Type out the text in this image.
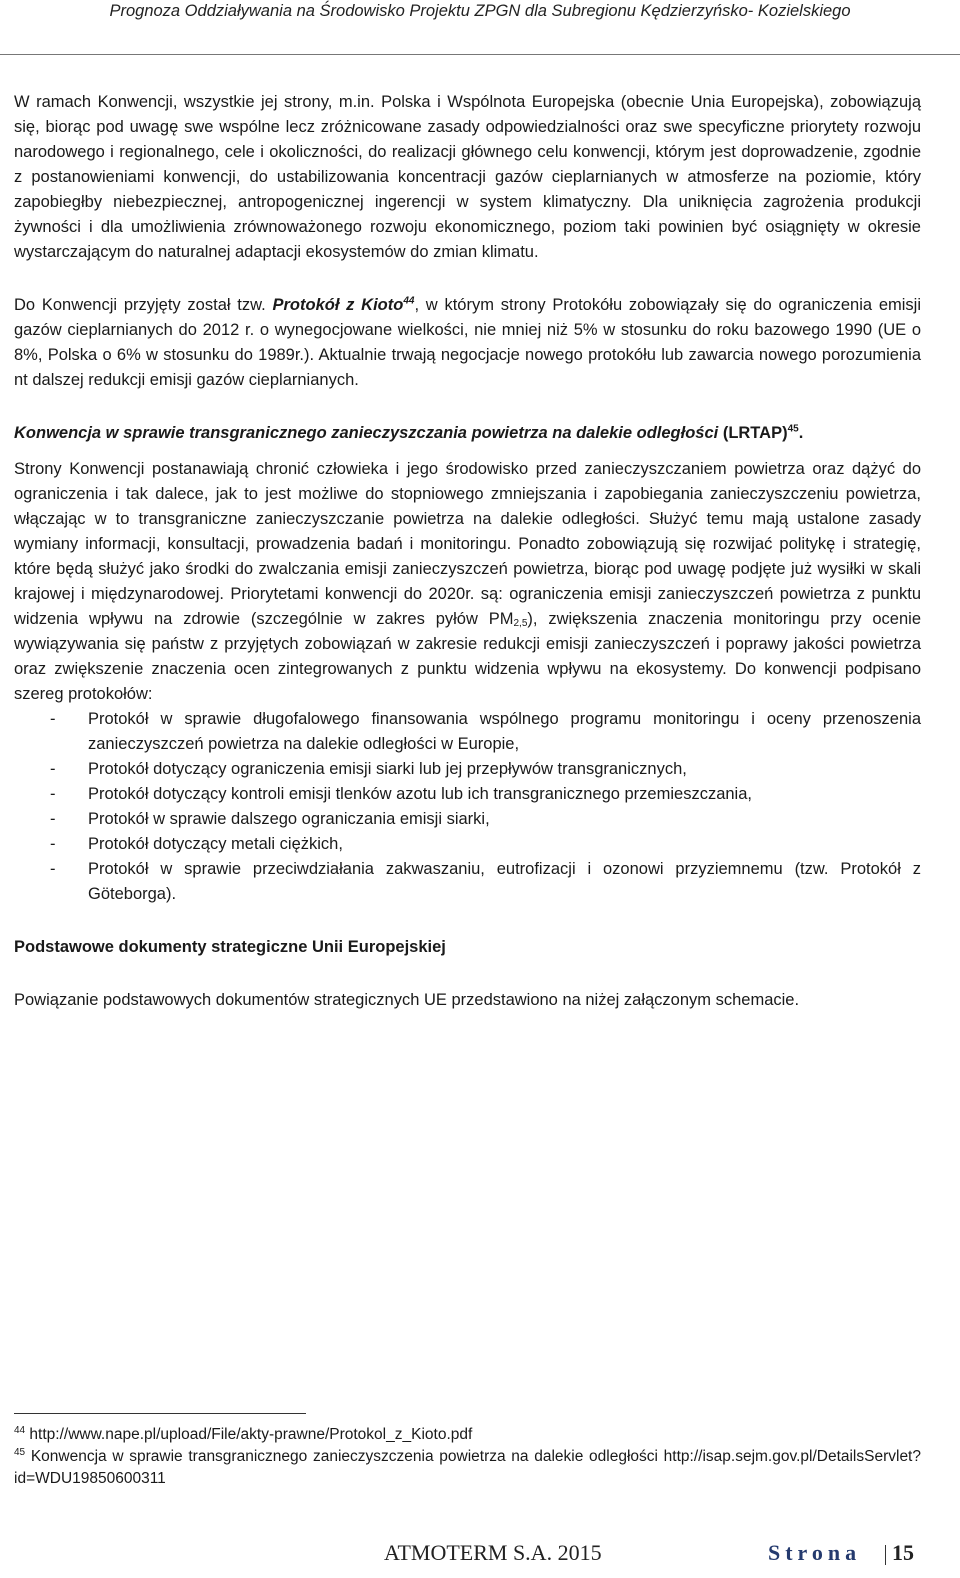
Prognoza Oddziaływania na Środowisko Projektu ZPGN dla Subregionu Kędzierzyńsko- Kozielskiego

W ramach Konwencji, wszystkie jej strony, m.in. Polska i Wspólnota Europejska (obecnie Unia Europejska), zobowiązują się, biorąc pod uwagę swe wspólne lecz zróżnicowane zasady odpowiedzialności oraz swe specyficzne priorytety rozwoju narodowego i regionalnego, cele i okoliczności, do realizacji głównego celu konwencji, którym jest doprowadzenie, zgodnie z postanowieniami konwencji, do ustabilizowania koncentracji gazów cieplarnianych w atmosferze na poziomie, który zapobiegłby niebezpiecznej, antropogenicznej ingerencji w system klimatyczny. Dla uniknięcia zagrożenia produkcji żywności i dla umożliwienia zrównoważonego rozwoju ekonomicznego, poziom taki powinien być osiągnięty w okresie wystarczającym do naturalnej adaptacji ekosystemów do zmian klimatu.

Do Konwencji przyjęty został tzw. Protokół z Kioto$^{44}$, w którym strony Protokółu zobowiązały się do ograniczenia emisji gazów cieplarnianych do 2012 r. o wynegocjowane wielkości, nie mniej niż 5% w stosunku do roku bazowego 1990 (UE o 8%, Polska o 6% w stosunku do 1989r.). Aktualnie trwają negocjacje nowego protokółu lub zawarcia nowego porozumienia nt dalszej redukcji emisji gazów cieplarnianych.

Konwencja w sprawie transgranicznego zanieczyszczania powietrza na dalekie odległości (LRTAP)$^{45}$.

Strony Konwencji postanawiają chronić człowieka i jego środowisko przed zanieczyszczaniem powietrza oraz dążyć do ograniczenia i tak dalece, jak to jest możliwe do stopniowego zmniejszania i zapobiegania zanieczyszczeniu powietrza, włączając w to transgraniczne zanieczyszczanie powietrza na dalekie odległości. Służyć temu mają ustalone zasady wymiany informacji, konsultacji, prowadzenia badań i monitoringu. Ponadto zobowiązują się rozwijać politykę i strategię, które będą służyć jako środki do zwalczania emisji zanieczyszczeń powietrza, biorąc pod uwagę podjęte już wysiłki w skali krajowej i międzynarodowej. Priorytetami konwencji do 2020r. są: ograniczenia emisji zanieczyszczeń powietrza z punktu widzenia wpływu na zdrowie (szczególnie w zakres pyłów $PM_{2,5}$), zwiększenia znaczenia monitoringu przy ocenie wywiązywania się państw z przyjętych zobowiązań w zakresie redukcji emisji zanieczyszczeń i poprawy jakości powietrza oraz zwiększenie znaczenia ocen zintegrowanych z punktu widzenia wpływu na ekosystemy. Do konwencji podpisano szereg protokołów:

- Protokół w sprawie długofalowego finansowania wspólnego programu monitoringu i oceny przenoszenia zanieczyszczeń powietrza na dalekie odległości w Europie,
- Protokół dotyczący ograniczenia emisji siarki lub jej przepływów transgranicznych,
- Protokół dotyczący kontroli emisji tlenków azotu lub ich transgranicznego przemieszczania,
- Protokół w sprawie dalszego ograniczania emisji siarki,
- Protokół dotyczący metali ciężkich,
- Protokół w sprawie przeciwdziałania zakwaszaniu, eutrofizacji i ozonowi przyziemnemu (tzw. Protokół z Göteborga).

Podstawowe dokumenty strategiczne Unii Europejskiej

Powiązanie podstawowych dokumentów strategicznych UE przedstawiono na niżej załączonym schemacie.

$^{44}$ http://www.nape.pl/upload/File/akty-prawne/Protokol_z_Kioto.pdf
$^{45}$ Konwencja w sprawie transgranicznego zanieczyszczenia powietrza na dalekie odległości http://isap.sejm.gov.pl/DetailsServlet?id=WDU19850600311
ATMOTERM S.A. 2015	Strona 15
